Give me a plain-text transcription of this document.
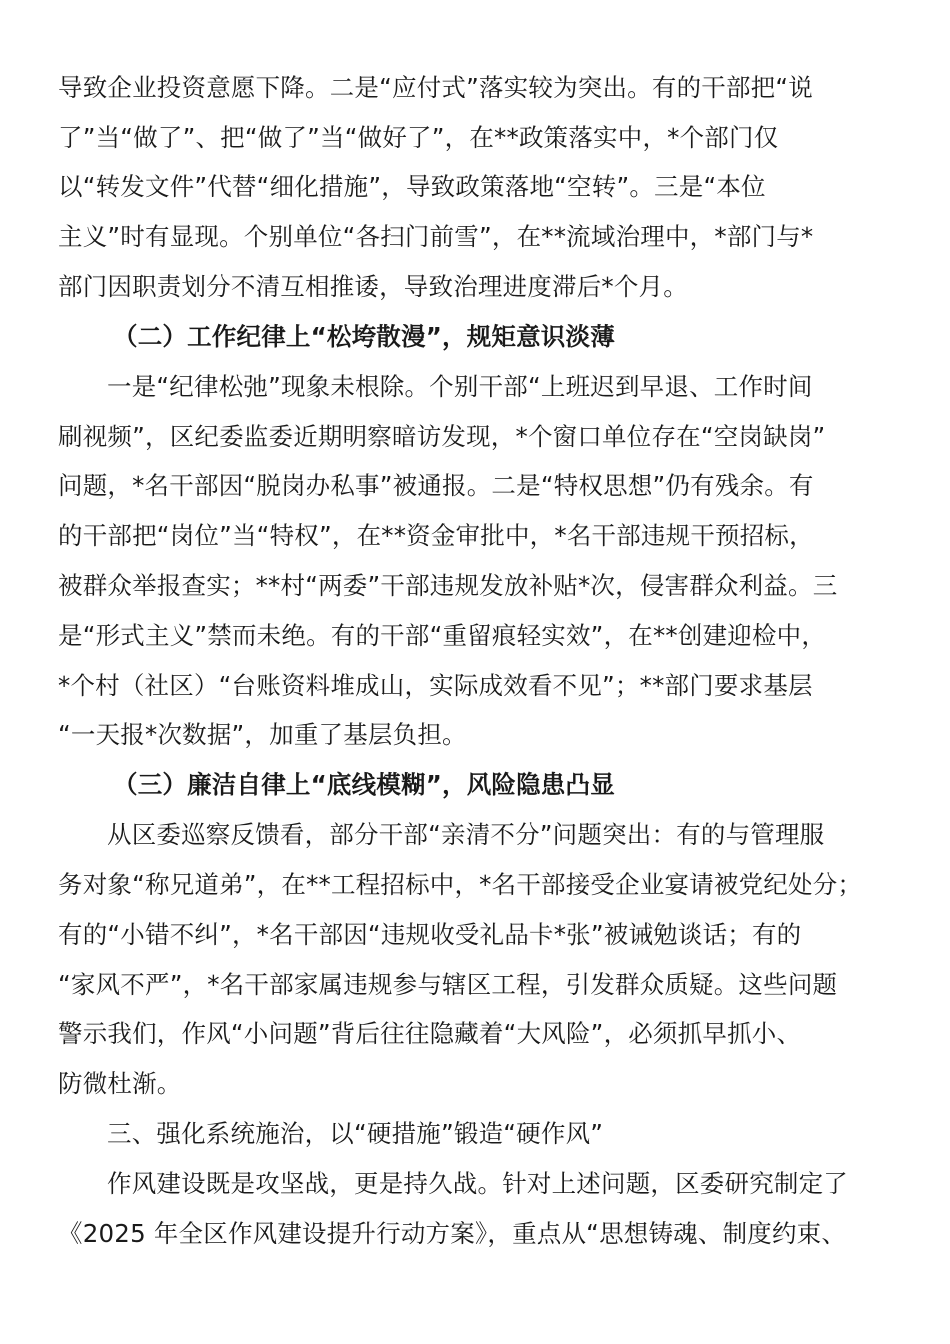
导致企业投资意愿下降。二是“应付式”落实较为突出。有的干部把“说
了”当“做了”、把“做了”当“做好了”，在**政策落实中，*个部门仅
以“转发文件”代替“细化措施”，导致政策落地“空转”。三是“本位
主义”时有显现。个别单位“各扫门前雪”，在**流域治理中，*部门与*
部门因职责划分不清互相推诿，导致治理进度滞后*个月。
（二）工作纪律上“松垮散漫”，规矩意识淡薄
一是“纪律松弛”现象未根除。个别干部“上班迟到早退、工作时间
刷视频”，区纪委监委近期明察暗访发现，*个窗口单位存在“空岗缺岗”
问题，*名干部因“脱岗办私事”被通报。二是“特权思想”仍有残余。有
的干部把“岗位”当“特权”，在**资金审批中，*名干部违规干预招标，
被群众举报查实；**村“两委”干部违规发放补贴*次，侵害群众利益。三
是“形式主义”禁而未绝。有的干部“重留痕轻实效”，在**创建迎检中，
*个村（社区）“台账资料堆成山，实际成效看不见”；**部门要求基层
“一天报*次数据”，加重了基层负担。
（三）廉洁自律上“底线模糊”，风险隐患凸显
从区委巡察反馈看，部分干部“亲清不分”问题突出：有的与管理服
务对象“称兄道弟”，在**工程招标中，*名干部接受企业宴请被党纪处分；
有的“小错不纠”，*名干部因“违规收受礼品卡*张”被诫勉谈话；有的
“家风不严”，*名干部家属违规参与辖区工程，引发群众质疑。这些问题
警示我们，作风“小问题”背后往往隐藏着“大风险”，必须抓早抓小、
防微杜渐。
三、强化系统施治，以“硬措施”锻造“硬作风”
作风建设既是攻坚战，更是持久战。针对上述问题，区委研究制定了
《2025 年全区作风建设提升行动方案》，重点从“思想铸魂、制度约束、
